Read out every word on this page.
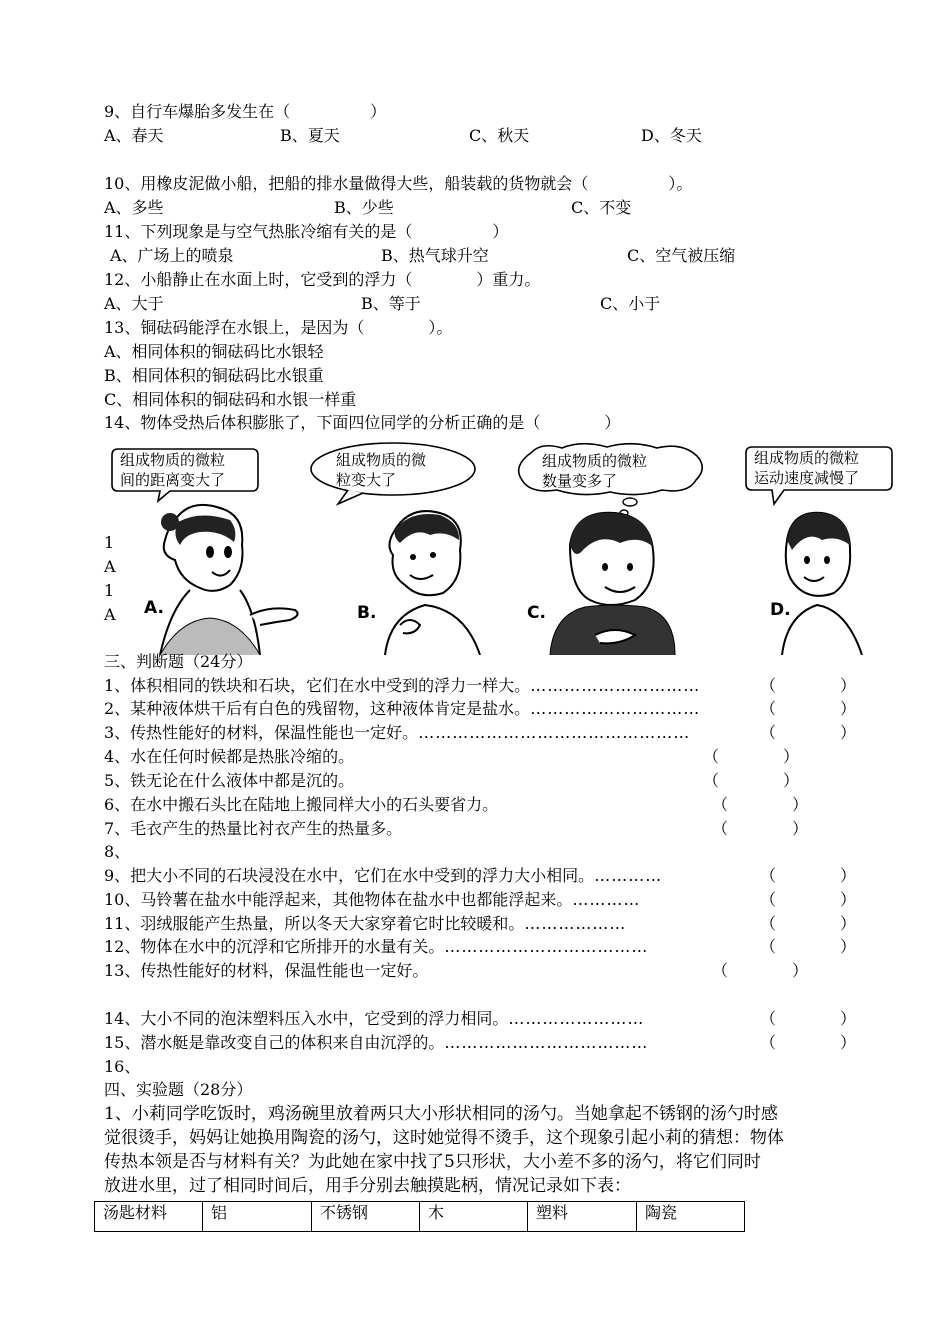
9、自行车爆胎多发生在（　　　　　）
A、春天	B、夏天	C、秋天	D、冬天
10、用橡皮泥做小船，把船的排水量做得大些，船装载的货物就会（　　　　　）。
A、多些	B、少些	C、不变
11、下列现象是与空气热胀冷缩有关的是（　　　　　）
A、广场上的喷泉	B、热气球升空	C、空气被压缩
12、小船静止在水面上时，它受到的浮力（　　　　）重力。
A、大于	B、等于	C、小于
13、铜砝码能浮在水银上，是因为（　　　　）。
A、相同体积的铜砝码比水银轻
B、相同体积的铜砝码比水银重
C、相同体积的铜砝码和水银一样重
14、物体受热后体积膨胀了，下面四位同学的分析正确的是（　　　　）
组成物质的微粒
间的距离变大了
組成物质的微
粒变大了
组成物质的微粒
数量变多了
组成物质的微粒
运动速度减慢了
1
A
1
A A.	B.	C.	D.
三、判断题（24分）
1、体积相同的铁块和石块，它们在水中受到的浮力一样大。…………………………	（　　　　）
2、某种液体烘干后有白色的残留物，这种液体肯定是盐水。…………………………	（　　　　）
3、传热性能好的材料，保温性能也一定好。…………………………………………	（　　　　）
4、水在任何时候都是热胀冷缩的。	（　　　　）
5、铁无论在什么液体中都是沉的。	（　　　　）
6、在水中搬石头比在陆地上搬同样大小的石头要省力。	（　　　　）
7、毛衣产生的热量比衬衣产生的热量多。	（　　　　）
8、
9、把大小不同的石块浸没在水中，它们在水中受到的浮力大小相同。…………	（　　　　）
10、马铃薯在盐水中能浮起来，其他物体在盐水中也都能浮起来。…………	（　　　　）
11、羽绒服能产生热量，所以冬天大家穿着它时比较暖和。………………	（　　　　）
12、物体在水中的沉浮和它所排开的水量有关。………………………………	（　　　　）
13、传热性能好的材料，保温性能也一定好。	（　　　　）
14、大小不同的泡沫塑料压入水中，它受到的浮力相同。……………………	（　　　　）
15、潜水艇是靠改变自己的体积来自由沉浮的。………………………………	（　　　　）
16、
四、实验题（28分）
1、小莉同学吃饭时，鸡汤碗里放着两只大小形状相同的汤勺。当她拿起不锈钢的汤勺时感
觉很烫手，妈妈让她换用陶瓷的汤勺，这时她觉得不烫手，这个现象引起小莉的猜想：物体
传热本领是否与材料有关？为此她在家中找了5只形状，大小差不多的汤勺，将它们同时
放进水里，过了相同时间后，用手分别去触摸匙柄，情况记录如下表：
汤匙材料	铝	不锈钢	木	塑料	陶瓷
